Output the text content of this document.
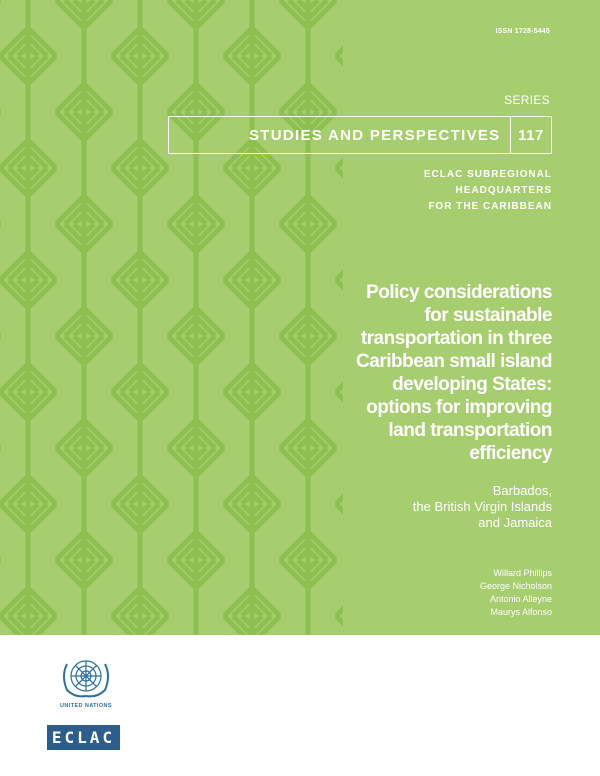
ISSN 1728-5445
SERIES
STUDIES AND PERSPECTIVES	117
ECLAC SUBREGIONAL
HEADQUARTERS
FOR THE CARIBBEAN
Policy considerations
for sustainable
transportation in three
Caribbean small island
developing States:
options for improving
land transportation
efficiency
Barbados,
the British Virgin Islands
and Jamaica
Willard Phillips
George Nicholson
Antonio Alleyne
Maurys Alfonso
UNITED NATIONS
ECLAC
